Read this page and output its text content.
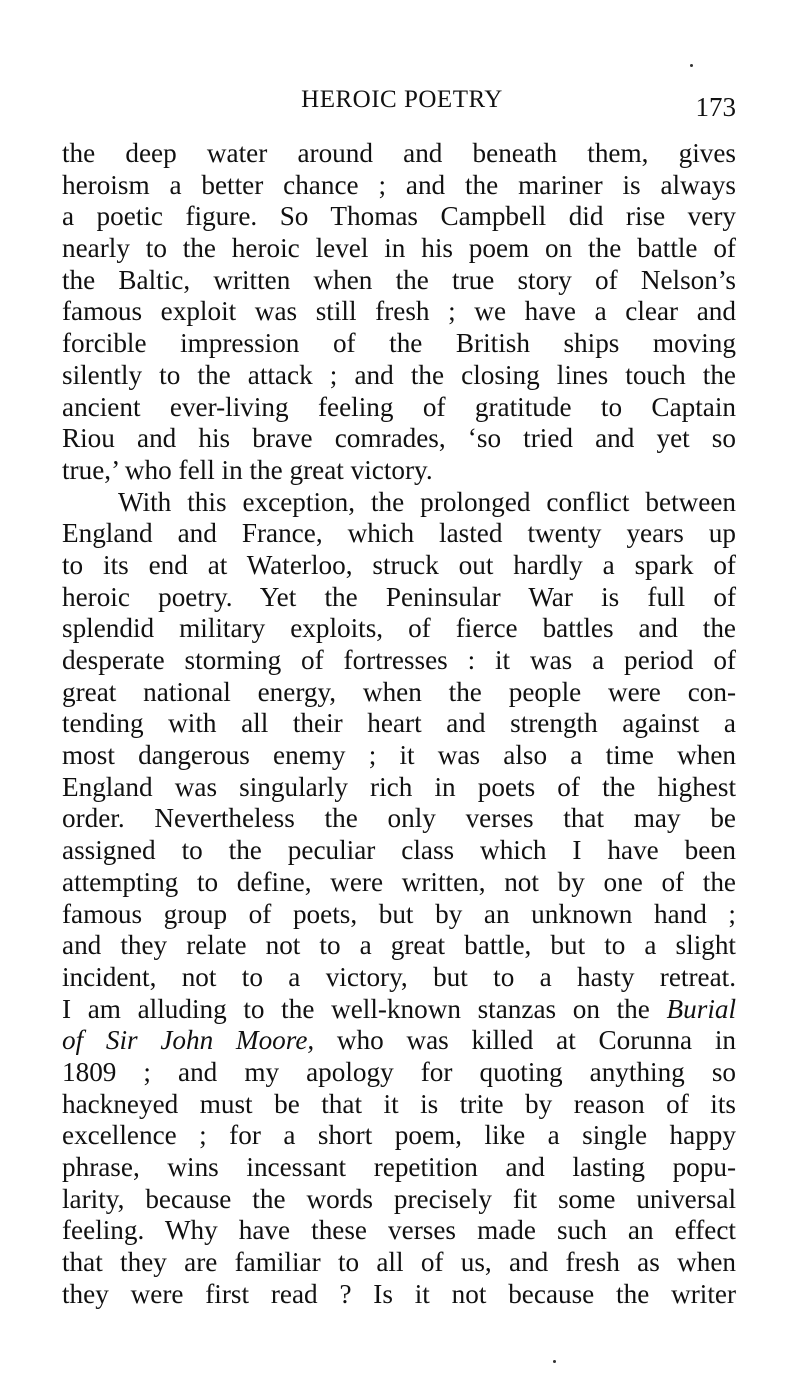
HEROIC POETRY	173
the deep water around and beneath them, gives
heroism a better chance ; and the mariner is always
a poetic figure. So Thomas Campbell did rise very
nearly to the heroic level in his poem on the battle of
the Baltic, written when the true story of Nelson’s
famous exploit was still fresh ; we have a clear and
forcible impression of the British ships moving
silently to the attack ; and the closing lines touch the
ancient ever-living feeling of gratitude to Captain
Riou and his brave comrades, ‘so tried and yet so
true,’ who fell in the great victory.
With this exception, the prolonged conflict between
England and France, which lasted twenty years up
to its end at Waterloo, struck out hardly a spark of
heroic poetry. Yet the Peninsular War is full of
splendid military exploits, of fierce battles and the
desperate storming of fortresses : it was a period of
great national energy, when the people were con-
tending with all their heart and strength against a
most dangerous enemy ; it was also a time when
England was singularly rich in poets of the highest
order. Nevertheless the only verses that may be
assigned to the peculiar class which I have been
attempting to define, were written, not by one of the
famous group of poets, but by an unknown hand ;
and they relate not to a great battle, but to a slight
incident, not to a victory, but to a hasty retreat.
I am alluding to the well-known stanzas on the Burial
of Sir John Moore, who was killed at Corunna in
1809 ; and my apology for quoting anything so
hackneyed must be that it is trite by reason of its
excellence ; for a short poem, like a single happy
phrase, wins incessant repetition and lasting popu-
larity, because the words precisely fit some universal
feeling. Why have these verses made such an effect
that they are familiar to all of us, and fresh as when
they were first read ? Is it not because the writer
